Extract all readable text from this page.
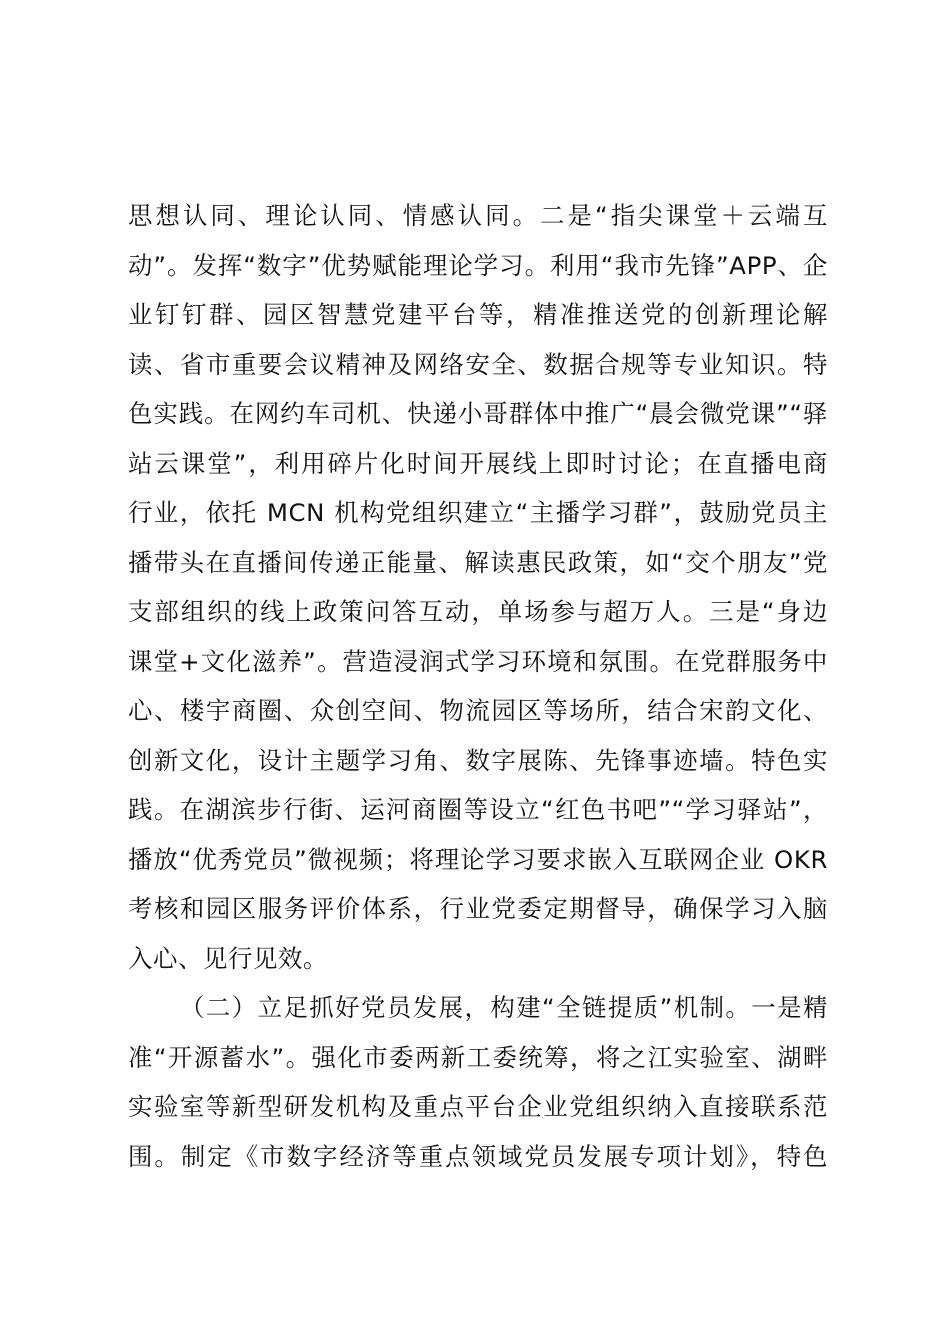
思想认同、理论认同、情感认同。二是“指尖课堂＋云端互
动”。发挥“数字”优势赋能理论学习。利用“我市先锋”APP、企
业钉钉群、园区智慧党建平台等，精准推送党的创新理论解
读、省市重要会议精神及网络安全、数据合规等专业知识。特
色实践。在网约车司机、快递小哥群体中推广“晨会微党课”“驿
站云课堂”，利用碎片化时间开展线上即时讨论；在直播电商
行业，依托 MCN 机构党组织建立“主播学习群”，鼓励党员主
播带头在直播间传递正能量、解读惠民政策，如“交个朋友”党
支部组织的线上政策问答互动，单场参与超万人。三是“身边
课堂+文化滋养”。营造浸润式学习环境和氛围。在党群服务中
心、楼宇商圈、众创空间、物流园区等场所，结合宋韵文化、
创新文化，设计主题学习角、数字展陈、先锋事迹墙。特色实
践。在湖滨步行街、运河商圈等设立“红色书吧”“学习驿站”，
播放“优秀党员”微视频；将理论学习要求嵌入互联网企业 OKR
考核和园区服务评价体系，行业党委定期督导，确保学习入脑
入心、见行见效。
（二）立足抓好党员发展，构建“全链提质”机制。一是精
准“开源蓄水”。强化市委两新工委统筹，将之江实验室、湖畔
实验室等新型研发机构及重点平台企业党组织纳入直接联系范
围。制定《市数字经济等重点领域党员发展专项计划》，特色
